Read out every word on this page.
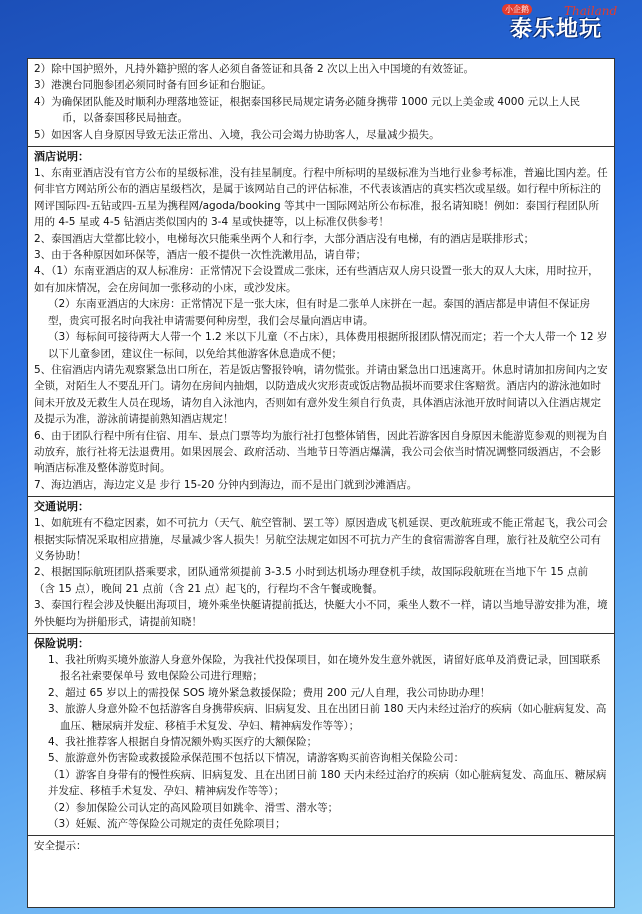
小企鹅
泰乐地玩
Thailand

2）除中国护照外，凡持外籍护照的客人必须自备签证和具备 2 次以上出入中国境的有效签证。

3）港澳台同胞参团必须同时备有回乡证和台胞证。

4）为确保团队能及时顺利办理落地签证，根据泰国移民局规定请务必随身携带 1000 元以上美金或 4000 元以上人民

币，以备泰国移民局抽查。

5）如因客人自身原因导致无法正常出、入境，我公司会竭力协助客人，尽量减少损失。

酒店说明：

1、东南亚酒店没有官方公布的星级标准，没有挂星制度。行程中所标明的星级标准为当地行业参考标准，普遍比国内差。任何非官方网站所公布的酒店星级档次，是属于该网站自己的评估标准，不代表该酒店的真实档次或星级。如行程中所标注的网评国际四-五钻或四-五星为携程网/agoda/booking 等其中一国际网站所公布标准，报名请知晓！例如：泰国行程团队所用的 4-5 星或 4-5 钻酒店类似国内的 3-4 星或快捷等，以上标准仅供参考！

2、泰国酒店大堂都比较小，电梯每次只能乘坐两个人和行李，大部分酒店没有电梯，有的酒店是联排形式；

3、由于各种原因如环保等，酒店一般不提供一次性洗漱用品，请自带；

4、（1）东南亚酒店的双人标准房：正常情况下会设置成二张床，还有些酒店双人房只设置一张大的双人大床，用时拉开，如有加床情况，会在房间加一张移动的小床，或沙发床。

（2）东南亚酒店的大床房：正常情况下是一张大床，但有时是二张单人床拼在一起。泰国的酒店都是申请但不保证房型，贵宾可报名时向我社申请需要何种房型，我们会尽量向酒店申请。

（3）每标间可接待两大人带一个 1.2 米以下儿童（不占床），具体费用根据所报团队情况而定；若一个大人带一个 12 岁以下儿童参团，建议住一标间，以免给其他游客休息造成不便；

5、住宿酒店内请先观察紧急出口所在，若是饭店警报铃响，请勿慌张。并请由紧急出口迅速离开。休息时请加扣房间内之安全锁，对陌生人不要乱开门。请勿在房间内抽烟，以防造成火灾形责或饭店物品损坏而要求住客赔赏。酒店内的游泳池如时间未开放及无救生人员在现场，请勿自入泳池内，否则如有意外发生须自行负责，具体酒店泳池开放时间请以入住酒店规定及提示为准，游泳前请提前熟知酒店规定！

6、由于团队行程中所有住宿、用车、景点门票等均为旅行社打包整体销售，因此若游客因自身原因未能游览参观的则视为自动放弃，旅行社将无法退费用。如果因展会、政府活动、当地节日等酒店爆满，我公司会依当时情况调整同级酒店，不会影响酒店标准及整体游览时间。

7、海边酒店，海边定义是 步行 15-20 分钟内到海边，而不是出门就到沙滩酒店。

交通说明：

1、如航班有不稳定因素，如不可抗力（天气、航空管制、罢工等）原因造成飞机延误、更改航班或不能正常起飞，我公司会根据实际情况采取相应措施，尽量减少客人损失！另航空法规定如因不可抗力产生的食宿需游客自理，旅行社及航空公司有义务协助！

2、根据国际航班团队搭乘要求，团队通常须提前 3-3.5 小时到达机场办理登机手续，故国际段航班在当地下午 15 点前（含 15 点），晚间 21 点前（含 21 点）起飞的，行程均不含午餐或晚餐。

3、泰国行程会涉及快艇出海项目，境外乘坐快艇请提前抵达，快艇大小不同，乘坐人数不一样，请以当地导游安排为准，境外快艇均为拼船形式，请提前知晓！

保险说明：

1、我社所购买境外旅游人身意外保险，为我社代投保项目，如在境外发生意外就医，请留好底单及消费记录，回国联系报名社索要保单号 致电保险公司进行理赔；

2、超过 65 岁以上的需投保 SOS 境外紧急救援保险；费用 200 元/人自理，我公司协助办理！

3、旅游人身意外险不包括游客自身携带疾病、旧病复发、且在出团日前 180 天内未经过治疗的疾病（如心脏病复发、高血压、糖尿病并发症、移植手术复发、孕妇、精神病发作等等）；

4、我社推荐客人根据自身情况额外购买医疗的大额保险；

5、旅游意外伤害险或救援险承保范围不包括以下情况，请游客购买前咨询相关保险公司：

（1）游客自身带有的慢性疾病、旧病复发、且在出团日前 180 天内未经过治疗的疾病（如心脏病复发、高血压、糖尿病并发症、移植手术复发、孕妇、精神病发作等等）；

（2）参加保险公司认定的高风险项目如跳伞、滑雪、潜水等；

（3）妊娠、流产等保险公司规定的责任免除项目；

安全提示：
